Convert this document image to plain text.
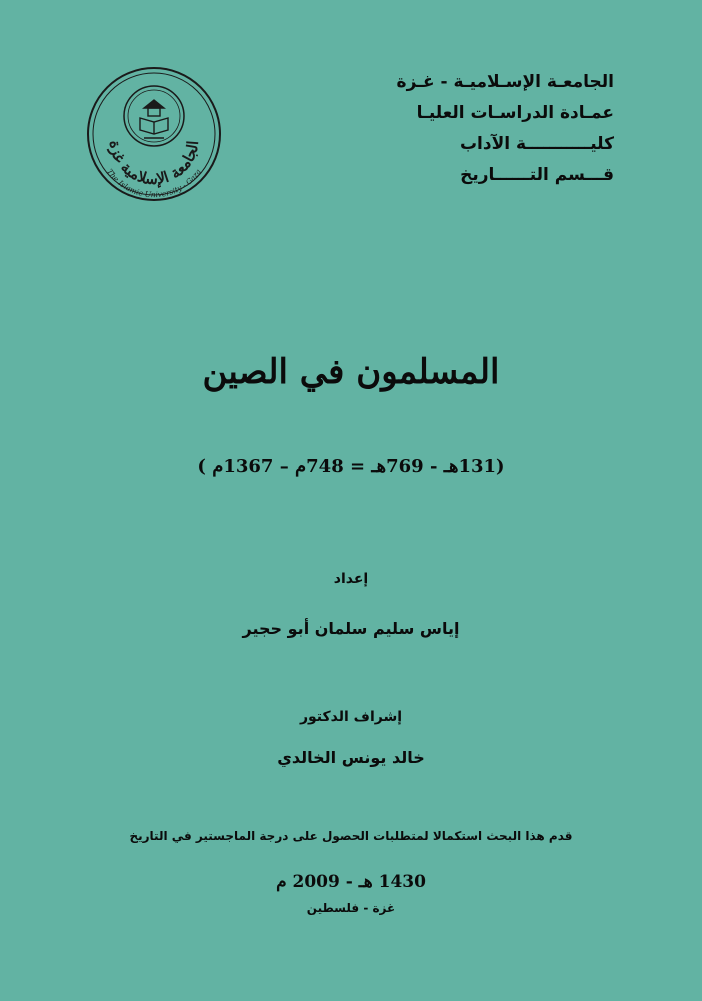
الجامعة الإسلامية غزة
The Islamic University - Gaza
الجامعـة الإسـلاميـة - غـزة
عمـادة الدراسـات العليـا
كليـــــــــــة الآداب
قـــسم التــــــاريخ
المسلمون في الصين
(131هـ - 769هـ = 748م – 1367م )
إعداد
إياس سليم سلمان أبو حجير
إشراف الدكتور
خالد يونس الخالدي
قدم هذا البحث استكمالا لمتطلبات الحصول على درجة الماجستير في التاريخ
1430 هـ - 2009 م
غزة - فلسطين
